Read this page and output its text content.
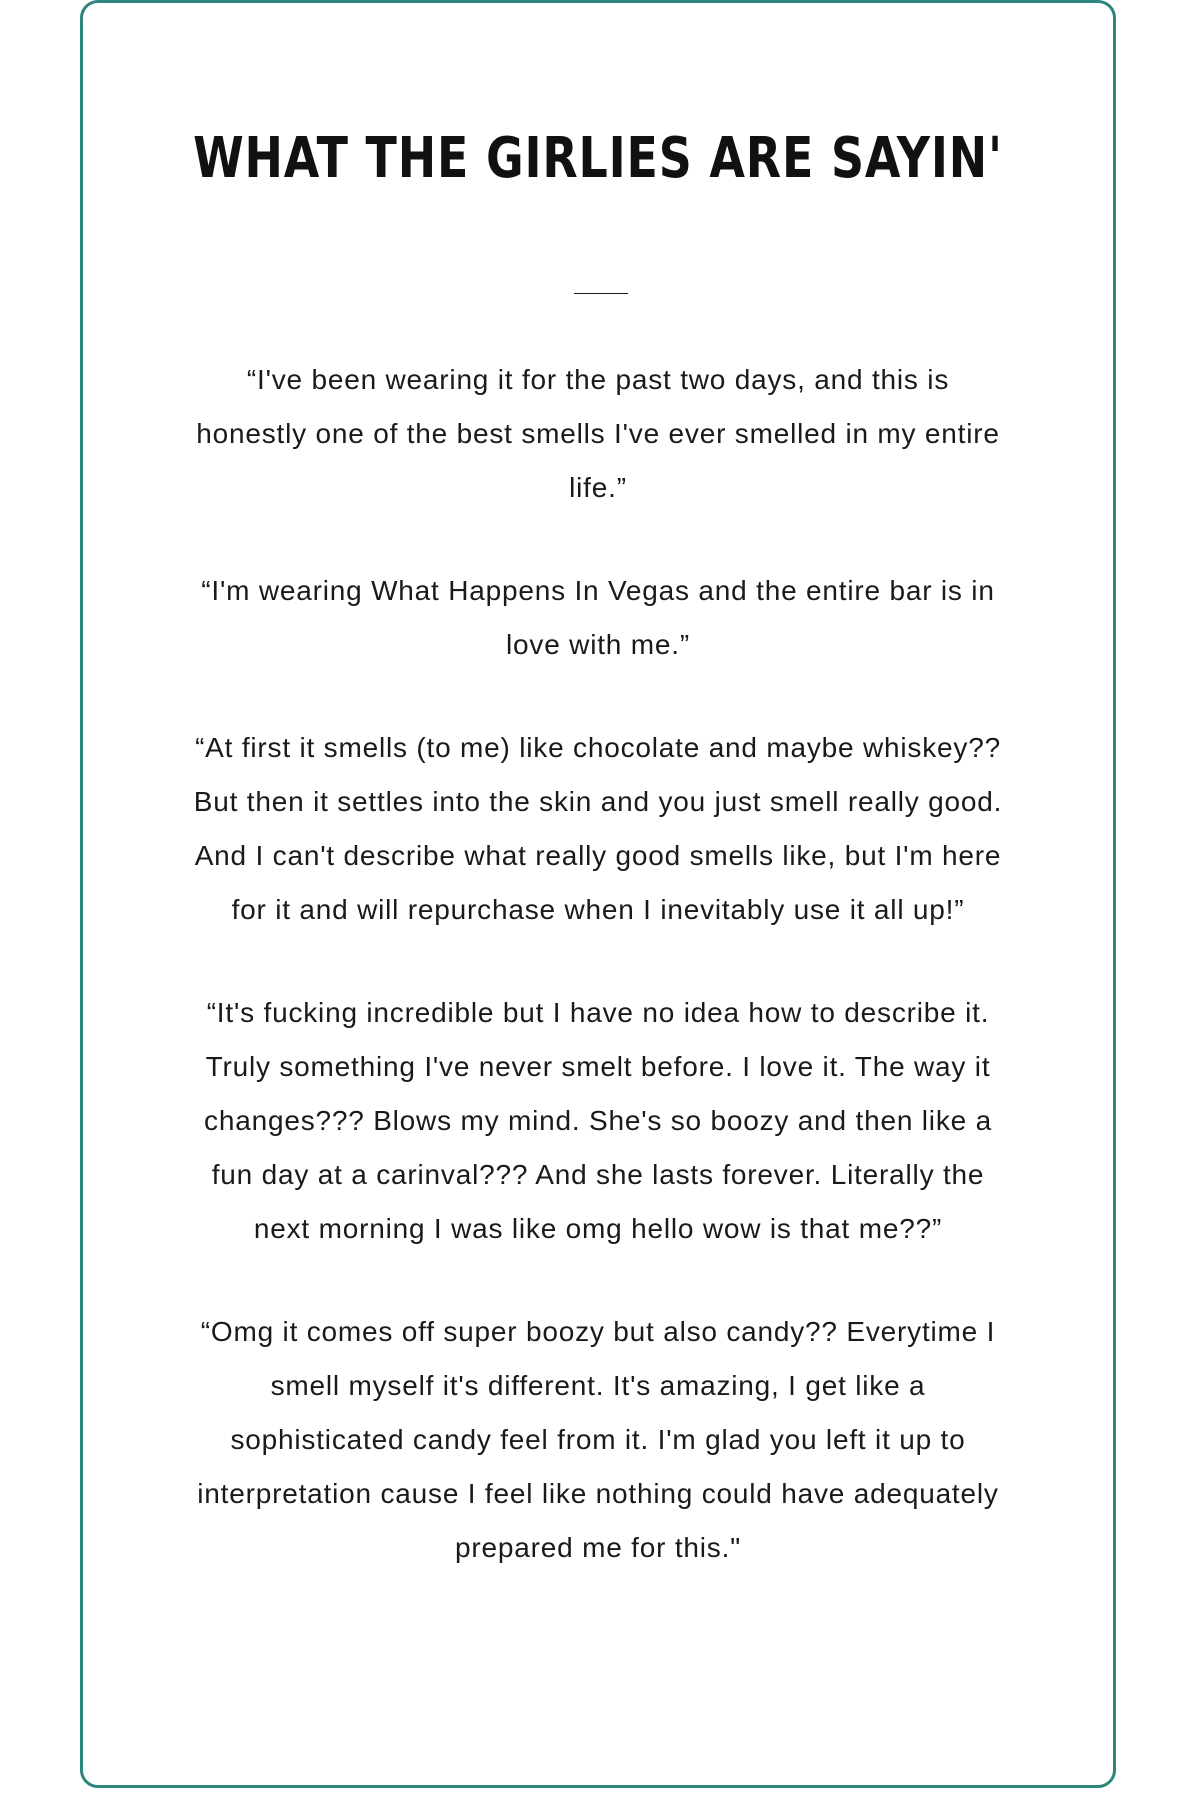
WHAT THE GIRLIES ARE SAYIN'
“I've been wearing it for the past two days, and this is honestly one of the best smells I've ever smelled in my entire life.”
“I'm wearing What Happens In Vegas and the entire bar is in love with me.”
“At first it smells (to me) like chocolate and maybe whiskey?? But then it settles into the skin and you just smell really good. And I can't describe what really good smells like, but I'm here for it and will repurchase when I inevitably use it all up!”
“It's fucking incredible but I have no idea how to describe it. Truly something I've never smelt before. I love it. The way it changes??? Blows my mind. She's so boozy and then like a fun day at a carinval??? And she lasts forever. Literally the next morning I was like omg hello wow is that me??”
“Omg it comes off super boozy but also candy?? Everytime I smell myself it's different. It's amazing, I get like a sophisticated candy feel from it. I'm glad you left it up to interpretation cause I feel like nothing could have adequately prepared me for this."
